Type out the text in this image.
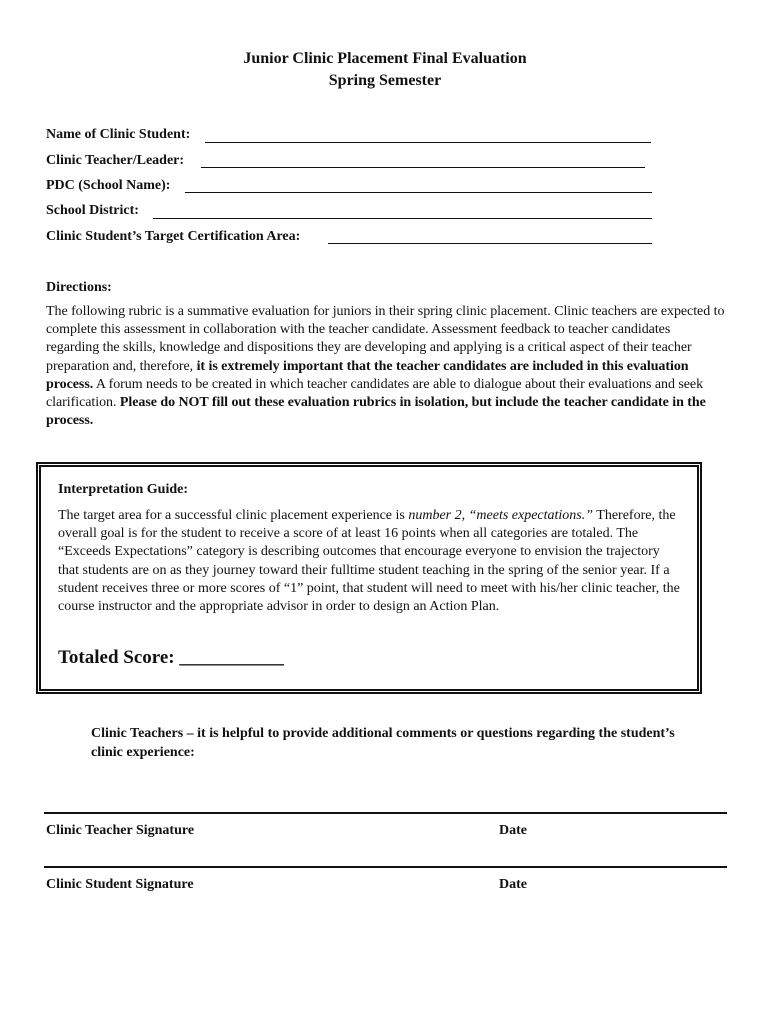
Junior Clinic Placement Final Evaluation
Spring Semester
Name of Clinic Student:
Clinic Teacher/Leader:
PDC (School Name):
School District:
Clinic Student’s Target Certification Area:
Directions:
The following rubric is a summative evaluation for juniors in their spring clinic placement. Clinic teachers are expected to complete this assessment in collaboration with the teacher candidate. Assessment feedback to teacher candidates regarding the skills, knowledge and dispositions they are developing and applying is a critical aspect of their teacher preparation and, therefore, it is extremely important that the teacher candidates are included in this evaluation process. A forum needs to be created in which teacher candidates are able to dialogue about their evaluations and seek clarification. Please do NOT fill out these evaluation rubrics in isolation, but include the teacher candidate in the process.
Interpretation Guide:
The target area for a successful clinic placement experience is number 2, “meets expectations.” Therefore, the overall goal is for the student to receive a score of at least 16 points when all categories are totaled. The “Exceeds Expectations” category is describing outcomes that encourage everyone to envision the trajectory that students are on as they journey toward their fulltime student teaching in the spring of the senior year. If a student receives three or more scores of “1” point, that student will need to meet with his/her clinic teacher, the course instructor and the appropriate advisor in order to design an Action Plan.
Totaled Score: ___________
Clinic Teachers – it is helpful to provide additional comments or questions regarding the student’s clinic experience:
Clinic Teacher Signature	Date
Clinic Student Signature	Date
